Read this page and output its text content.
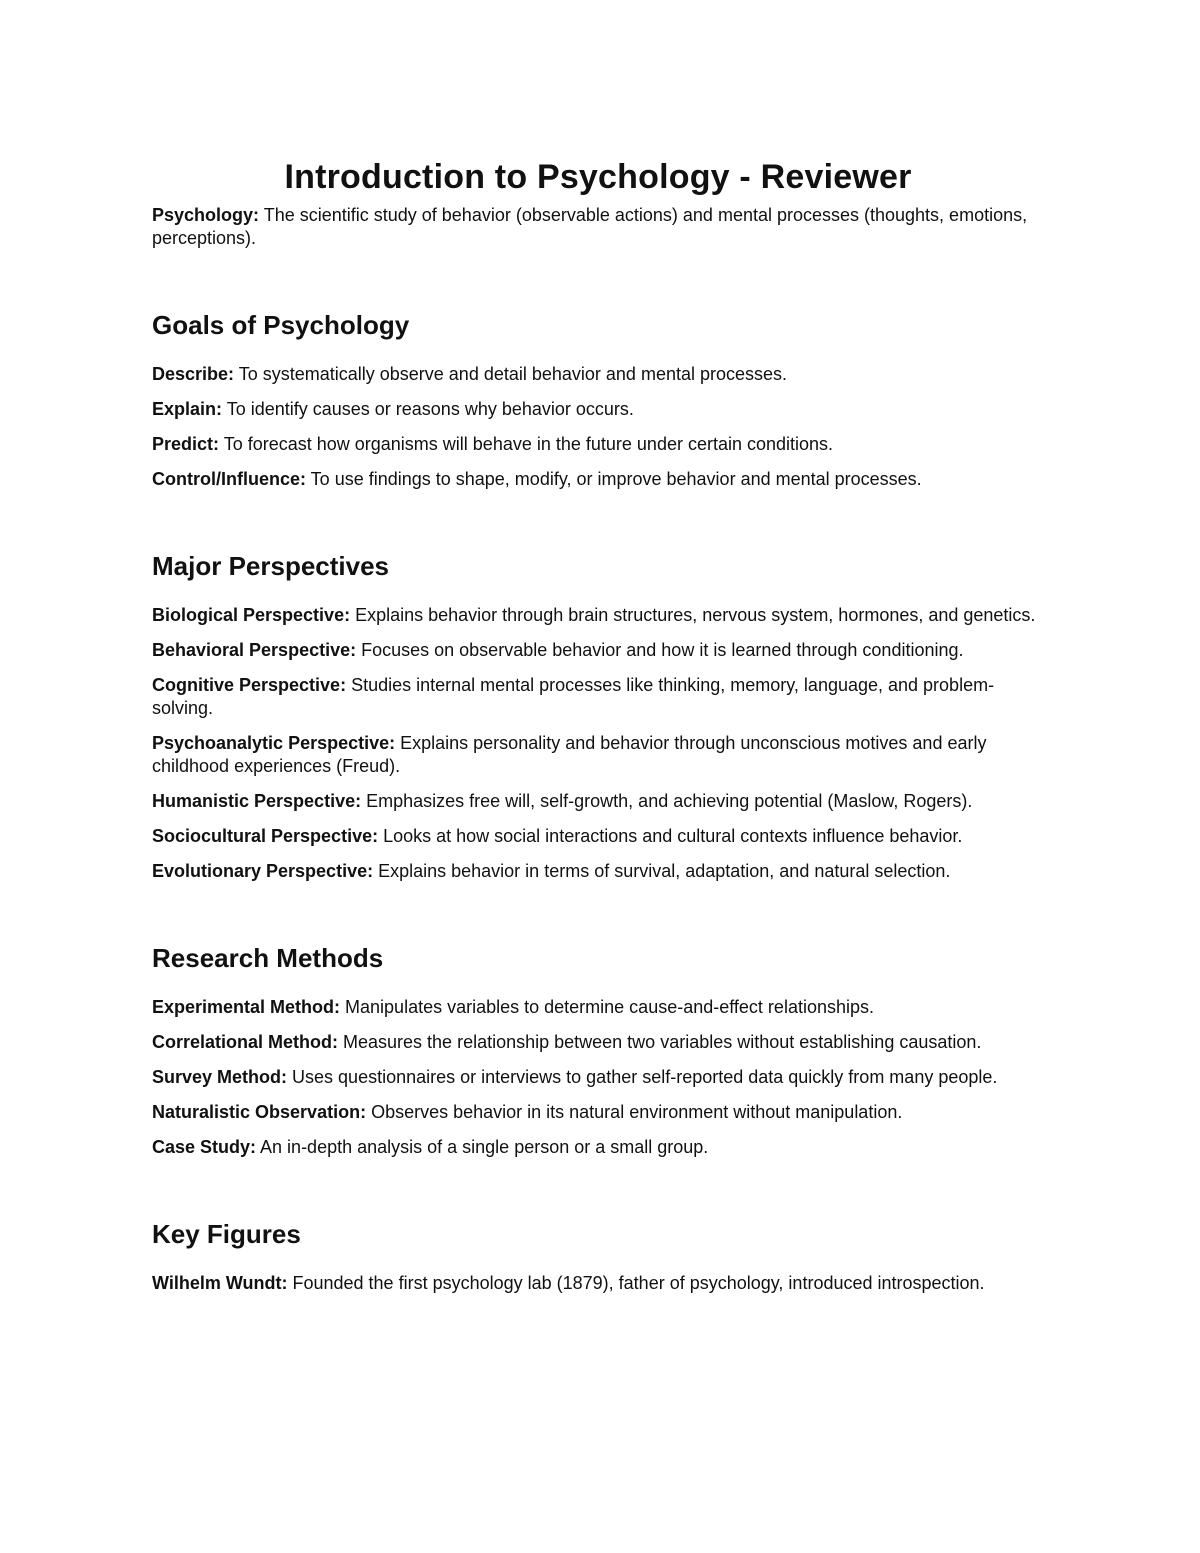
Introduction to Psychology - Reviewer

Psychology: The scientific study of behavior (observable actions) and mental processes (thoughts, emotions, perceptions).

Goals of Psychology

Describe: To systematically observe and detail behavior and mental processes.

Explain: To identify causes or reasons why behavior occurs.

Predict: To forecast how organisms will behave in the future under certain conditions.

Control/Influence: To use findings to shape, modify, or improve behavior and mental processes.

Major Perspectives

Biological Perspective: Explains behavior through brain structures, nervous system, hormones, and genetics.

Behavioral Perspective: Focuses on observable behavior and how it is learned through conditioning.

Cognitive Perspective: Studies internal mental processes like thinking, memory, language, and problem-solving.

Psychoanalytic Perspective: Explains personality and behavior through unconscious motives and early childhood experiences (Freud).

Humanistic Perspective: Emphasizes free will, self-growth, and achieving potential (Maslow, Rogers).

Sociocultural Perspective: Looks at how social interactions and cultural contexts influence behavior.

Evolutionary Perspective: Explains behavior in terms of survival, adaptation, and natural selection.

Research Methods

Experimental Method: Manipulates variables to determine cause-and-effect relationships.

Correlational Method: Measures the relationship between two variables without establishing causation.

Survey Method: Uses questionnaires or interviews to gather self-reported data quickly from many people.

Naturalistic Observation: Observes behavior in its natural environment without manipulation.

Case Study: An in-depth analysis of a single person or a small group.

Key Figures

Wilhelm Wundt: Founded the first psychology lab (1879), father of psychology, introduced introspection.
